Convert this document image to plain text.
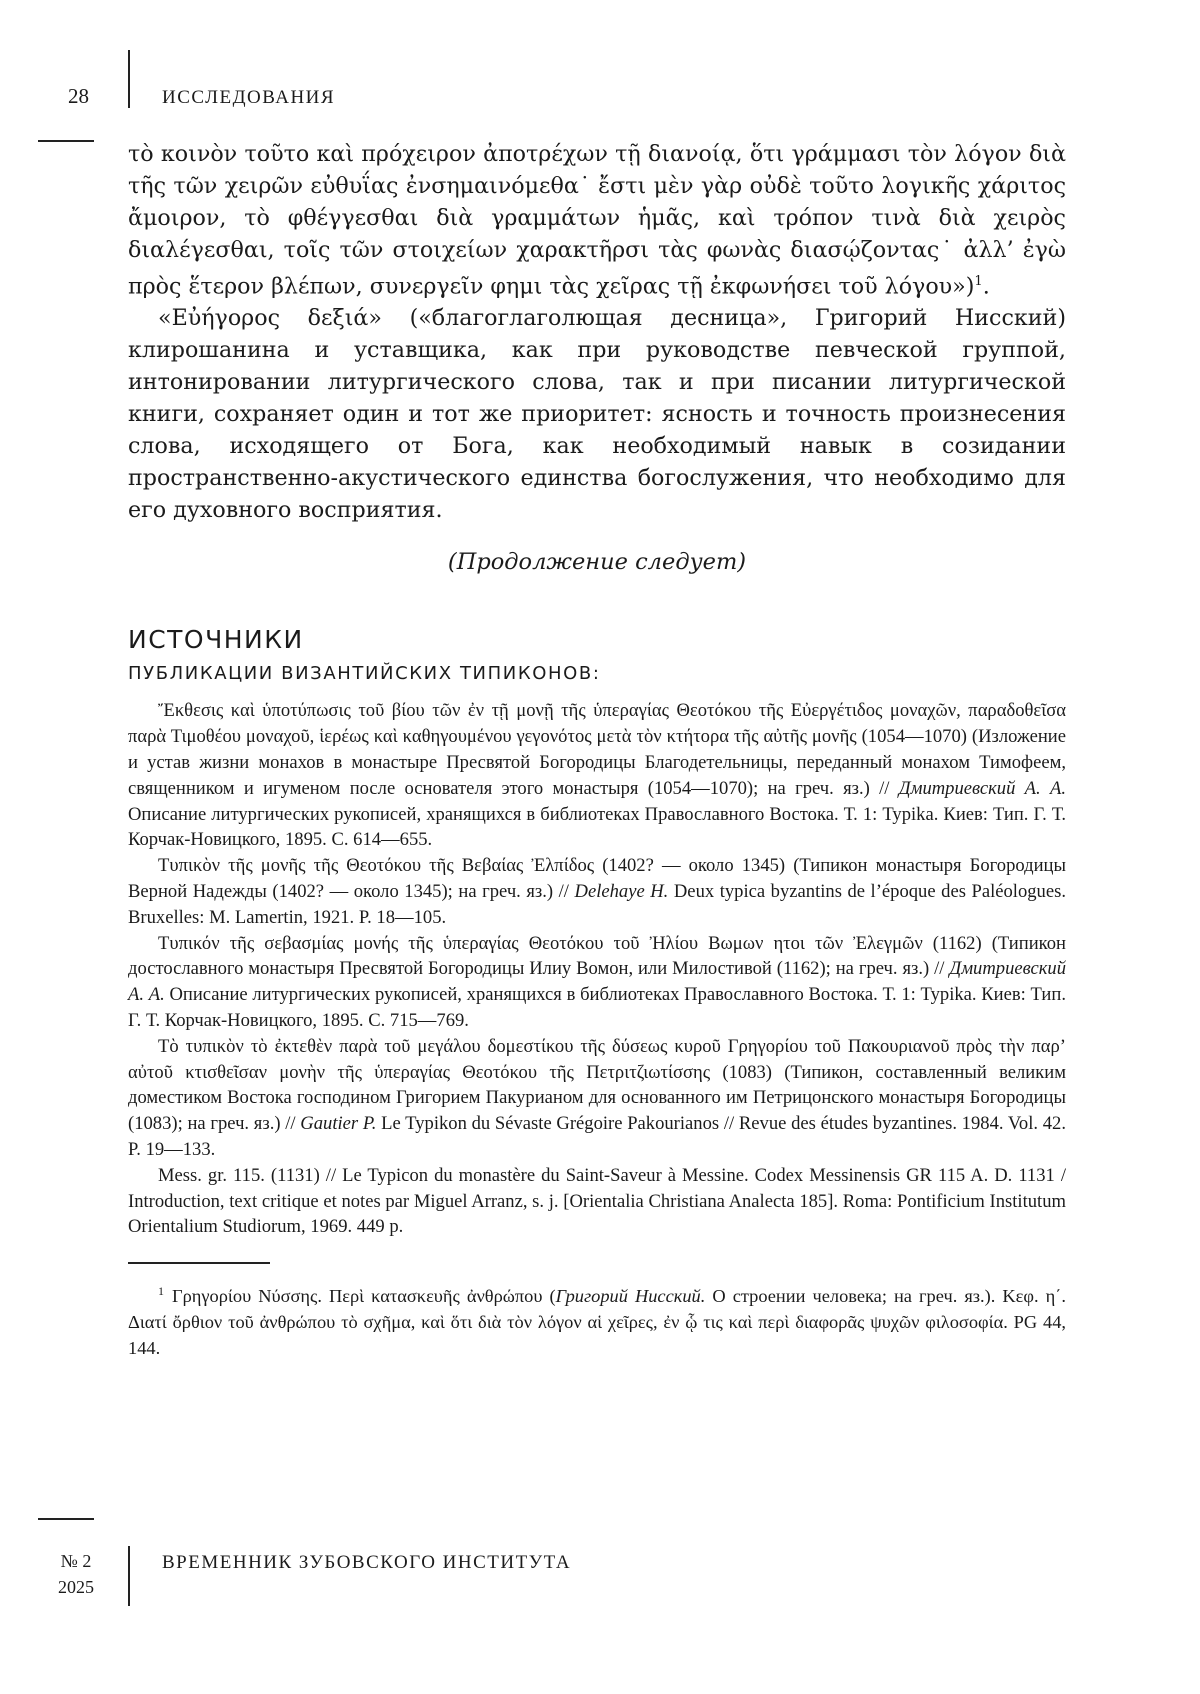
28	ИССЛЕДОВАНИЯ

τὸ κοινὸν τοῦτο καὶ πρόχειρον ἀποτρέχων τῇ διανοίᾳ, ὅτι γράμμασι τὸν λόγον διὰ τῆς τῶν χειρῶν εὐθυΐας ἐνσημαινόμεθα˙ ἔστι μὲν γὰρ οὐδὲ τοῦτο λογικῆς χάριτος ἄμοιρον, τὸ φθέγγεσθαι διὰ γραμμάτων ἡμᾶς, καὶ τρόπον τινὰ διὰ χειρὸς διαλέγεσθαι, τοῖς τῶν στοιχείων χαρακτῆρσι τὰς φωνὰς διασῴζοντας˙ ἀλλ’ ἐγὼ πρὸς ἕτερον βλέπων, συνεργεῖν φημι τὰς χεῖρας τῇ ἐκφωνήσει τοῦ λόγου»)$^1$.

«Εὐήγορος δεξιά» («благоглаголющая десница», Григорий Нисский) клирошанина и уставщика, как при руководстве певческой группой, интонировании литургического слова, так и при писании литургической книги, сохраняет один и тот же приоритет: ясность и точность произнесения слова, исходящего от Бога, как необходимый навык в созидании пространственно-акустического единства богослужения, что необходимо для его духовного восприятия.

(Продолжение следует)

ИСТОЧНИКИ
ПУБЛИКАЦИИ ВИЗАНТИЙСКИХ ТИПИКОНОВ:

Ἔκθεσις καὶ ὑποτύπωσις τοῦ βίου τῶν ἐν τῇ μονῇ τῆς ὑπεραγίας Θεοτόκου τῆς Εὐεργέτιδος μοναχῶν, παραδοθεῖσα παρὰ Τιμοθέου μοναχοῦ, ἱερέως καὶ καθηγουμένου γεγονότος μετὰ τὸν κτήτορα τῆς αὐτῆς μονῆς (1054—1070) (Изложение и устав жизни монахов в монастыре Пресвятой Богородицы Благодетельницы, переданный монахом Тимофеем, священником и игуменом после основателя этого монастыря (1054—1070); на греч. яз.) // Дмитриевский А. А. Описание литургических рукописей, хранящихся в библиотеках Православного Востока. Т. 1: Typika. Киев: Тип. Г. Т. Корчак-Новицкого, 1895. С. 614—655.

Τυπικὸν τῆς μονῆς τῆς Θεοτόκου τῆς Βεβαίας Ἐλπίδος (1402? — около 1345) (Типикон монастыря Богородицы Верной Надежды (1402? — около 1345); на греч. яз.) // Delehaye H. Deux typica byzantins de l’époque des Paléologues. Bruxelles: M. Lamertin, 1921. P. 18—105.

Τυπικόν τῆς σεβασμίας μονής τῆς ὑπεραγίας Θεοτόκου τοῦ Ἠλίου Βωμων ητοι τῶν Ἐλεγμῶν (1162) (Типикон достославного монастыря Пресвятой Богородицы Илиу Вомон, или Милостивой (1162); на греч. яз.) // Дмитриевский А. А. Описание литургических рукописей, хранящихся в библиотеках Православного Востока. Т. 1: Typika. Киев: Тип. Г. Т. Корчак-Новицкого, 1895. С. 715—769.

Τὸ τυπικὸν τὸ ἐκτεθὲν παρὰ τοῦ μεγάλου δομεστίκου τῆς δύσεως κυροῦ Γρηγορίου τοῦ Πακουριανοῦ πρὸς τὴν παρ’ αὐτοῦ κτισθεῖσαν μονὴν τῆς ὑπεραγίας Θεοτόκου τῆς Πετριτζιωτίσσης (1083) (Типикон, составленный великим доместиком Востока господином Григорием Пакурианом для основанного им Петрицонского монастыря Богородицы (1083); на греч. яз.) // Gautier P. Le Typikon du Sévaste Grégoire Pakourianos // Revue des études byzantines. 1984. Vol. 42. P. 19—133.

Mess. gr. 115. (1131) // Le Typicon du monastère du Saint-Saveur à Messine. Codex Messinensis GR 115 A. D. 1131 / Introduction, text critique et notes par Miguel Arranz, s. j. [Orientalia Christiana Analecta 185]. Roma: Pontificium Institutum Orientalium Studiorum, 1969. 449 p.

$^1$ Γρηγορίου Νύσσης. Περὶ κατασκευῆς ἀνθρώπου (Григорий Нисский. О строении человека; на греч. яз.). Κεφ. η΄. Διατί ὄρθιον τοῦ ἀνθρώπου τὸ σχῆμα, καὶ ὅτι διὰ τὸν λόγον αἱ χεῖρες, ἐν ᾧ τις καὶ περὶ διαφορᾶς ψυχῶν φιλοσοφία. PG 44, 144.

№ 2
2025
ВРЕМЕННИК ЗУБОВСКОГО ИНСТИТУТА
